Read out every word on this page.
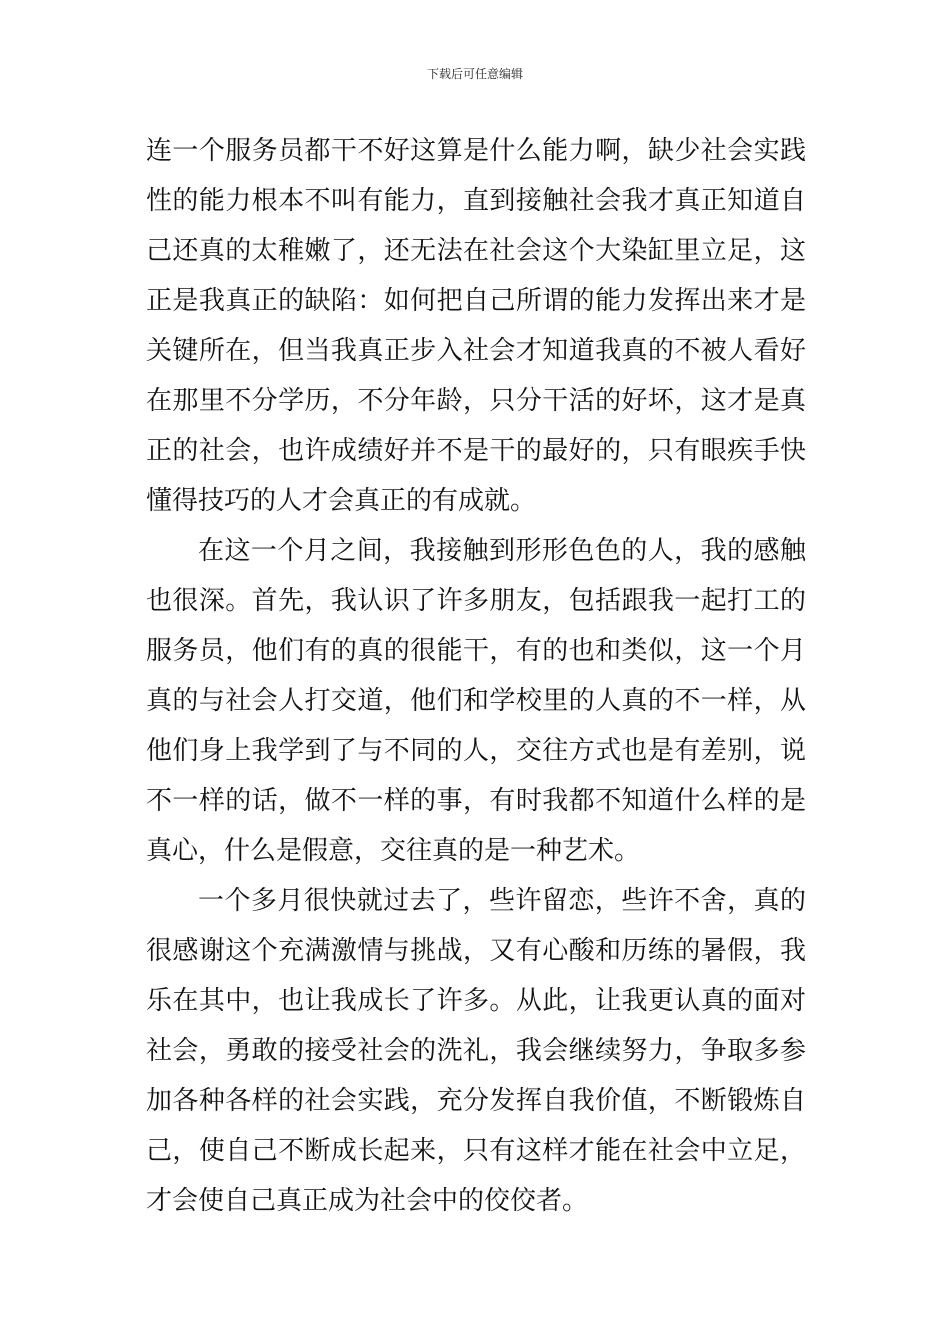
下载后可任意编辑
连一个服务员都干不好这算是什么能力啊，缺少社会实践
性的能力根本不叫有能力，直到接触社会我才真正知道自
己还真的太稚嫩了，还无法在社会这个大染缸里立足，这
正是我真正的缺陷：如何把自己所谓的能力发挥出来才是
关键所在，但当我真正步入社会才知道我真的不被人看好
在那里不分学历，不分年龄，只分干活的好坏，这才是真
正的社会，也许成绩好并不是干的最好的，只有眼疾手快
懂得技巧的人才会真正的有成就。
在这一个月之间，我接触到形形色色的人，我的感触
也很深。首先，我认识了许多朋友，包括跟我一起打工的
服务员，他们有的真的很能干，有的也和类似，这一个月
真的与社会人打交道，他们和学校里的人真的不一样，从
他们身上我学到了与不同的人，交往方式也是有差别，说
不一样的话，做不一样的事，有时我都不知道什么样的是
真心，什么是假意，交往真的是一种艺术。
一个多月很快就过去了，些许留恋，些许不舍，真的
很感谢这个充满激情与挑战，又有心酸和历练的暑假，我
乐在其中，也让我成长了许多。从此，让我更认真的面对
社会，勇敢的接受社会的洗礼，我会继续努力，争取多参
加各种各样的社会实践，充分发挥自我价值，不断锻炼自
己，使自己不断成长起来，只有这样才能在社会中立足，
才会使自己真正成为社会中的佼佼者。
